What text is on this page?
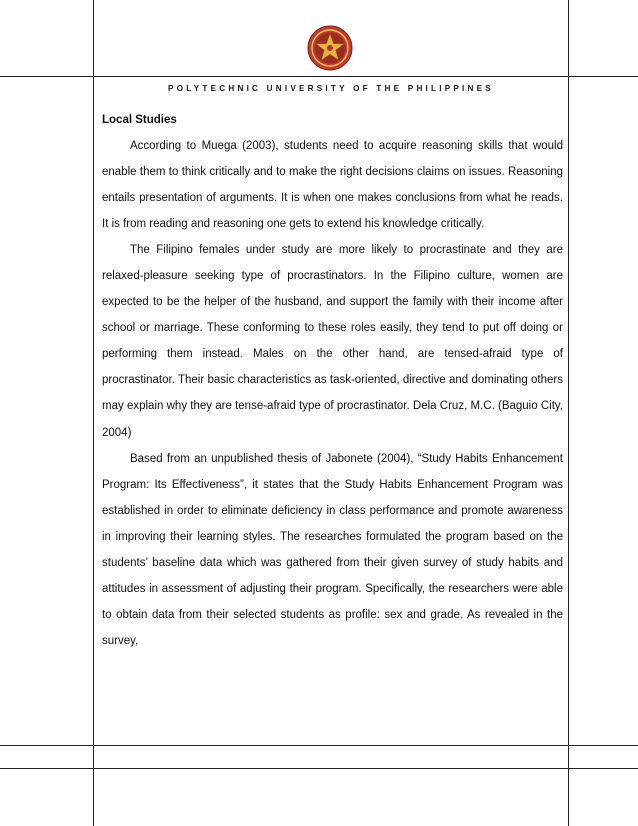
POLYTECHNIC UNIVERSITY OF THE PHILIPPINES
Local Studies

According to Muega (2003), students need to acquire reasoning skills that would enable them to think critically and to make the right decisions claims on issues. Reasoning entails presentation of arguments. It is when one makes conclusions from what he reads. It is from reading and reasoning one gets to extend his knowledge critically.

The Filipino females under study are more likely to procrastinate and they are relaxed-pleasure seeking type of procrastinators. In the Filipino culture, women are expected to be the helper of the husband, and support the family with their income after school or marriage. These conforming to these roles easily, they tend to put off doing or performing them instead. Males on the other hand, are tensed-afraid type of procrastinator. Their basic characteristics as task-oriented, directive and dominating others may explain why they are tense-afraid type of procrastinator. Dela Cruz, M.C. (Baguio City, 2004)

Based from an unpublished thesis of Jabonete (2004), “Study Habits Enhancement Program: Its Effectiveness”, it states that the Study Habits Enhancement Program was established in order to eliminate deficiency in class performance and promote awareness in improving their learning styles. The researches formulated the program based on the students’ baseline data which was gathered from their given survey of study habits and attitudes in assessment of adjusting their program. Specifically, the researchers were able to obtain data from their selected students as profile: sex and grade. As revealed in the survey,
